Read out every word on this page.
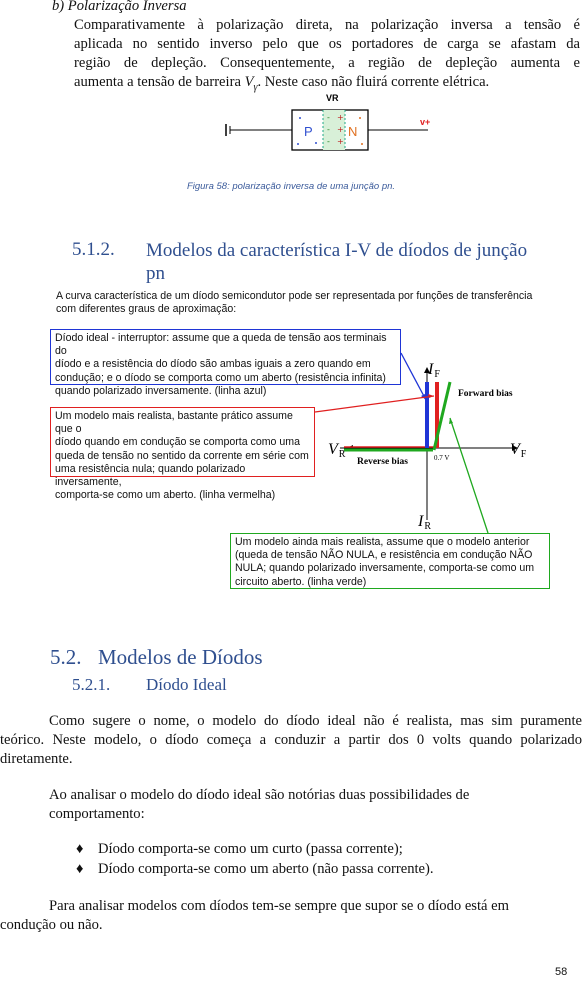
b) Polarização Inversa
Comparativamente à polarização direta, na polarização inversa a tensão é
aplicada no sentido inverso pelo que os portadores de carga se afastam da
região de depleção. Consequentemente, a região de depleção aumenta e
aumenta a tensão de barreira $V_\gamma$. Neste caso não fluirá corrente elétrica.
v+
VR
P	N
-
-
-
+
+
+
Figura 58: polarização inversa de uma junção pn.
5.1.2. Modelos da característica I-V de díodos de junção
pn
A curva característica de um díodo semicondutor pode ser representada por funções de transferência
com diferentes graus de aproximação:
Díodo ideal - interruptor: assume que a queda de tensão aos terminais do
díodo e a resistência do díodo são ambas iguais a zero quando em
condução; e o díodo se comporta como um aberto (resistência infinita)
quando polarizado inversamente. (linha azul)
Um modelo mais realista, bastante prático assume que o
díodo quando em condução se comporta como uma
queda de tensão no sentido da corrente em série com
uma resistência nula; quando polarizado inversamente,
comporta-se como um aberto. (linha vermelha)
Um modelo ainda mais realista, assume que o modelo anterior
(queda de tensão NÃO NULA, e resistência em condução NÃO
NULA; quando polarizado inversamente, comporta-se como um
circuito aberto. (linha verde)
IF
IR
VR	VF
Forward bias
Reverse bias	0.7 V
5.2. Modelos de Díodos
5.2.1. Díodo Ideal
Como sugere o nome, o modelo do díodo ideal não é realista, mas sim puramente
teórico. Neste modelo, o díodo começa a conduzir a partir dos 0 volts quando polarizado
diretamente.
Ao analisar o modelo do díodo ideal são notórias duas possibilidades de
comportamento:
♦ Díodo comporta-se como um curto (passa corrente);
♦ Díodo comporta-se como um aberto (não passa corrente).
Para analisar modelos com díodos tem-se sempre que supor se o díodo está em
condução ou não.
58
